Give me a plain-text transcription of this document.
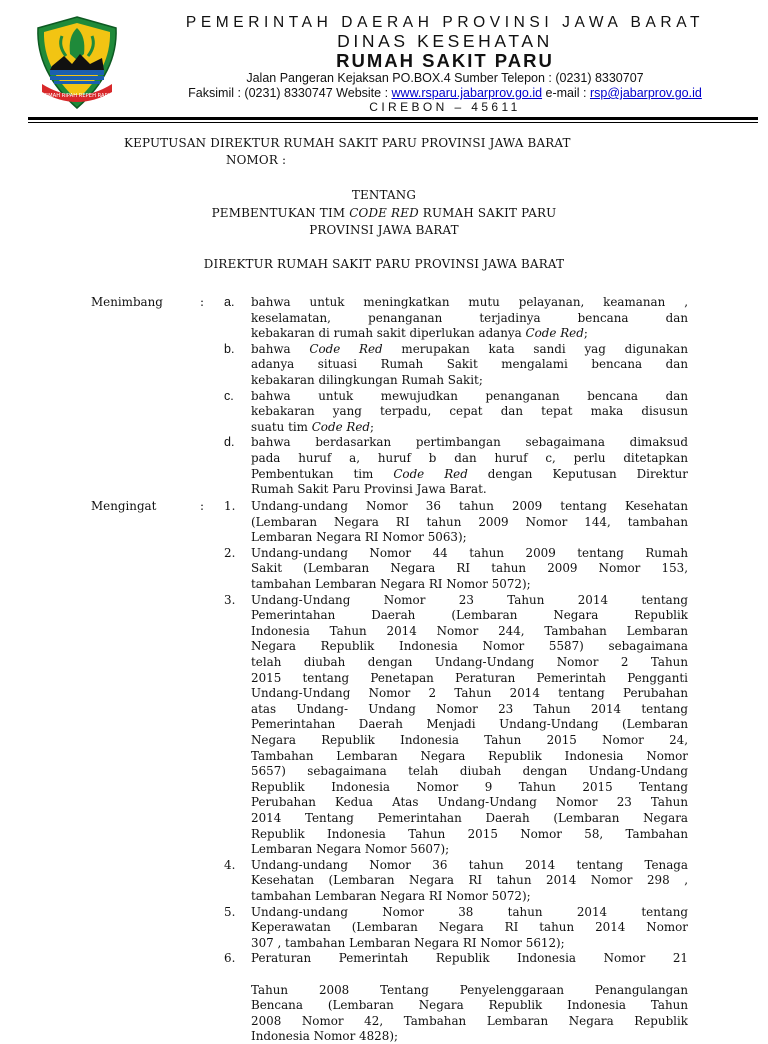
GEMAH RIPAH REPEH RAPIH
PEMERINTAH DAERAH PROVINSI JAWA BARAT
DINAS KESEHATAN
RUMAH SAKIT PARU
Jalan Pangeran Kejaksan PO.BOX.4 Sumber Telepon : (0231) 8330707
Faksimil : (0231) 8330747 Website : www.rsparu.jabarprov.go.id e-mail : rsp@jabarprov.go.id
CIREBON – 45611
KEPUTUSAN DIREKTUR RUMAH SAKIT PARU PROVINSI JAWA BARAT
NOMOR :
TENTANG
PEMBENTUKAN TIM CODE RED RUMAH SAKIT PARU
PROVINSI JAWA BARAT
DIREKTUR RUMAH SAKIT PARU PROVINSI JAWA BARAT
Menimbang	: a. bahwa untuk meningkatkan mutu pelayanan, keamanan ,
keselamatan, penanganan terjadinya bencana dan
kebakaran di rumah sakit diperlukan adanya Code Red;
b. bahwa Code Red merupakan kata sandi yag digunakan
adanya situasi Rumah Sakit mengalami bencana dan
kebakaran dilingkungan Rumah Sakit;
c. bahwa untuk mewujudkan penanganan bencana dan
kebakaran yang terpadu, cepat dan tepat maka disusun
suatu tim Code Red;
d. bahwa berdasarkan pertimbangan sebagaimana dimaksud
pada huruf a, huruf b dan huruf c, perlu ditetapkan
Pembentukan tim Code Red dengan Keputusan Direktur
Rumah Sakit Paru Provinsi Jawa Barat.
Mengingat	: 1. Undang-undang Nomor 36 tahun 2009 tentang Kesehatan
(Lembaran Negara RI tahun 2009 Nomor 144, tambahan
Lembaran Negara RI Nomor 5063);
2. Undang-undang Nomor 44 tahun 2009 tentang Rumah
Sakit (Lembaran Negara RI tahun 2009 Nomor 153,
tambahan Lembaran Negara RI Nomor 5072);
3. Undang-Undang Nomor 23 Tahun 2014 tentang
Pemerintahan Daerah (Lembaran Negara Republik
Indonesia Tahun 2014 Nomor 244, Tambahan Lembaran
Negara Republik Indonesia Nomor 5587) sebagaimana
telah diubah dengan Undang-Undang Nomor 2 Tahun
2015 tentang Penetapan Peraturan Pemerintah Pengganti
Undang-Undang Nomor 2 Tahun 2014 tentang Perubahan
atas Undang- Undang Nomor 23 Tahun 2014 tentang
Pemerintahan Daerah Menjadi Undang-Undang (Lembaran
Negara Republik Indonesia Tahun 2015 Nomor 24,
Tambahan Lembaran Negara Republik Indonesia Nomor
5657) sebagaimana telah diubah dengan Undang-Undang
Republik Indonesia Nomor 9 Tahun 2015 Tentang
Perubahan Kedua Atas Undang-Undang Nomor 23 Tahun
2014 Tentang Pemerintahan Daerah (Lembaran Negara
Republik Indonesia Tahun 2015 Nomor 58, Tambahan
Lembaran Negara Nomor 5607);
4. Undang-undang Nomor 36 tahun 2014 tentang Tenaga
Kesehatan (Lembaran Negara RI tahun 2014 Nomor 298 ,
tambahan Lembaran Negara RI Nomor 5072);
5. Undang-undang Nomor 38 tahun 2014 tentang
Keperawatan (Lembaran Negara RI tahun 2014 Nomor
307 , tambahan Lembaran Negara RI Nomor 5612);
6. Peraturan Pemerintah Republik Indonesia Nomor 21
Tahun 2008 Tentang Penyelenggaraan Penangulangan
Bencana (Lembaran Negara Republik Indonesia Tahun
2008 Nomor 42, Tambahan Lembaran Negara Republik
Indonesia Nomor 4828);
